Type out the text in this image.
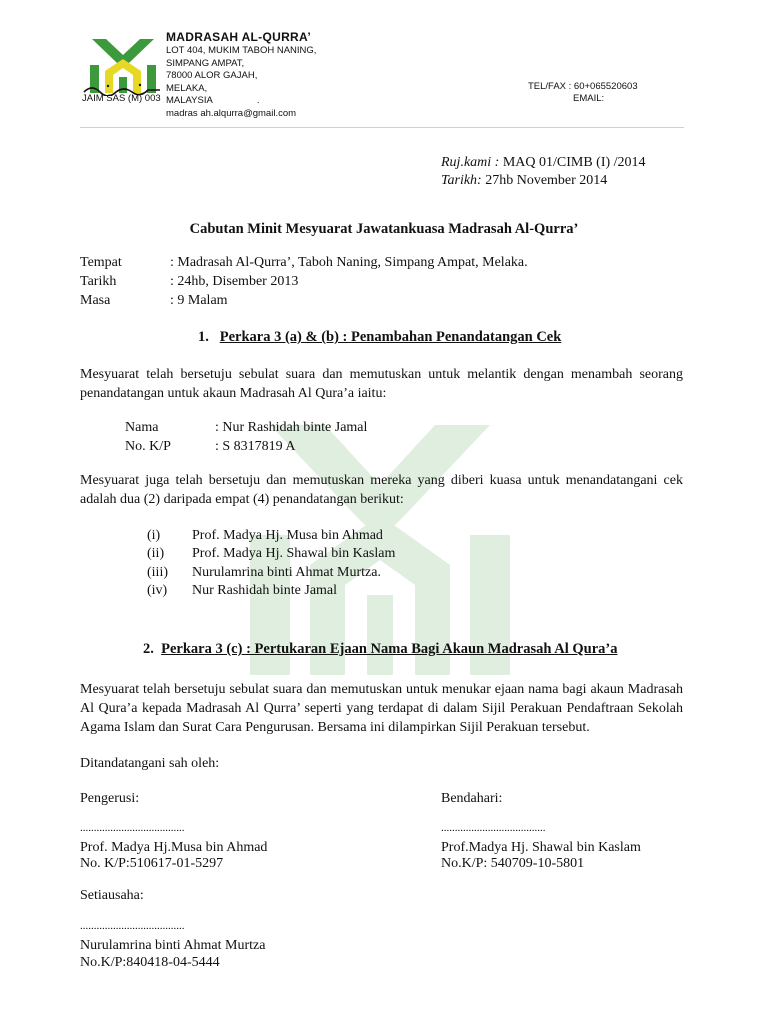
MADRASAH AL-QURRA’
LOT 404, MUKIM TABOH NANING,
SIMPANG AMPAT,
78000 ALOR GAJAH,
MELAKA,
MALAYSIA	.
madras ah.alqurra@gmail.com
JAIM SAS (M) 003
TEL/FAX : 60+065520603
EMAIL:
Ruj.kami : MAQ 01/CIMB (I) /2014
Tarikh: 27hb November 2014
Cabutan Minit Mesyuarat Jawatankuasa Madrasah Al-Qurra’
Tempat	: Madrasah Al-Qurra’, Taboh Naning, Simpang Ampat, Melaka.
Tarikh	: 24hb, Disember 2013
Masa	: 9 Malam
1. Perkara 3 (a) & (b) : Penambahan Penandatangan Cek
Mesyuarat telah bersetuju sebulat suara dan memutuskan untuk melantik dengan menambah seorang penandatangan untuk akaun Madrasah Al Qura’a iaitu:
Nama	: Nur Rashidah binte Jamal
No. K/P	: S 8317819 A
Mesyuarat juga telah bersetuju dan memutuskan mereka yang diberi kuasa untuk menandatangani cek adalah dua (2) daripada empat (4) penandatangan berikut:
(i) Prof. Madya Hj. Musa bin Ahmad
(ii) Prof. Madya Hj. Shawal bin Kaslam
(iii) Nurulamrina binti Ahmat Murtza.
(iv) Nur Rashidah binte Jamal
2. Perkara 3 (c) : Pertukaran Ejaan Nama Bagi Akaun Madrasah Al Qura’a
Mesyuarat telah bersetuju sebulat suara dan memutuskan untuk menukar ejaan nama bagi akaun Madrasah Al Qura’a kepada Madrasah Al Qurra’ seperti yang terdapat di dalam Sijil Perakuan Pendaftraan Sekolah Agama Islam dan Surat Cara Pengurusan. Bersama ini dilampirkan Sijil Perakuan tersebut.
Ditandatangani sah oleh:
Pengerusi:
......................................
Prof. Madya Hj.Musa bin Ahmad
No. K/P:510617-01-5297
Bendahari:
......................................
Prof.Madya Hj. Shawal bin Kaslam
No.K/P: 540709-10-5801
Setiausaha:
......................................
Nurulamrina binti Ahmat Murtza
No.K/P:840418-04-5444
